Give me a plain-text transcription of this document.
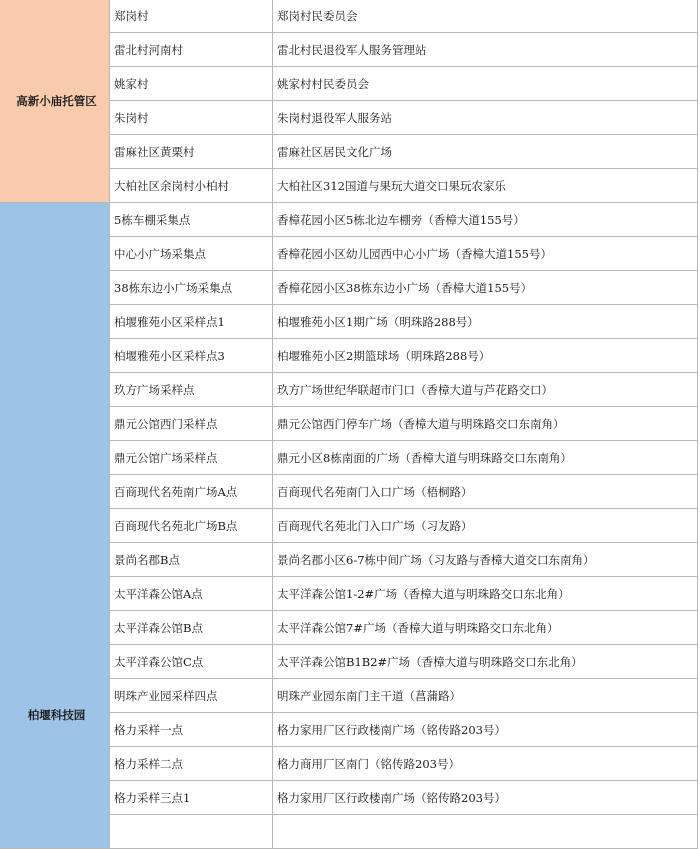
高新小庙托管区	郑岗村	郑岗村民委员会
	雷北村河南村	雷北村民退役军人服务管理站
	姚家村	姚家村村民委员会
	朱岗村	朱岗村退役军人服务站
	雷麻社区黄栗村	雷麻社区居民文化广场
	大柏社区余岗村小柏村	大柏社区312国道与果玩大道交口果玩农家乐
柏堰科技园	5栋车棚采集点	香樟花园小区5栋北边车棚旁（香樟大道155号）
	中心小广场采集点	香樟花园小区幼儿园西中心小广场（香樟大道155号）
	38栋东边小广场采集点	香樟花园小区38栋东边小广场（香樟大道155号）
	柏堰雅苑小区采样点1	柏堰雅苑小区1期广场（明珠路288号）
	柏堰雅苑小区采样点3	柏堰雅苑小区2期篮球场（明珠路288号）
	玖方广场采样点	玖方广场世纪华联超市门口（香樟大道与芦花路交口）
	鼎元公馆西门采样点	鼎元公馆西门停车广场（香樟大道与明珠路交口东南角）
	鼎元公馆广场采样点	鼎元小区8栋南面的广场（香樟大道与明珠路交口东南角）
	百商现代名苑南广场A点	百商现代名苑南门入口广场（梧桐路）
	百商现代名苑北广场B点	百商现代名苑北门入口广场（习友路）
	景尚名郡B点	景尚名郡小区6-7栋中间广场（习友路与香樟大道交口东南角）
	太平洋森公馆A点	太平洋森公馆1-2#广场（香樟大道与明珠路交口东北角）
	太平洋森公馆B点	太平洋森公馆7#广场（香樟大道与明珠路交口东北角）
	太平洋森公馆C点	太平洋森公馆B1B2#广场（香樟大道与明珠路交口东北角）
	明珠产业园采样四点	明珠产业园东南门主干道（菖蒲路）
	格力采样一点	格力家用厂区行政楼南广场（铭传路203号）
	格力采样二点	格力商用厂区南门（铭传路203号）
	格力采样三点1	格力家用厂区行政楼南广场（铭传路203号）
